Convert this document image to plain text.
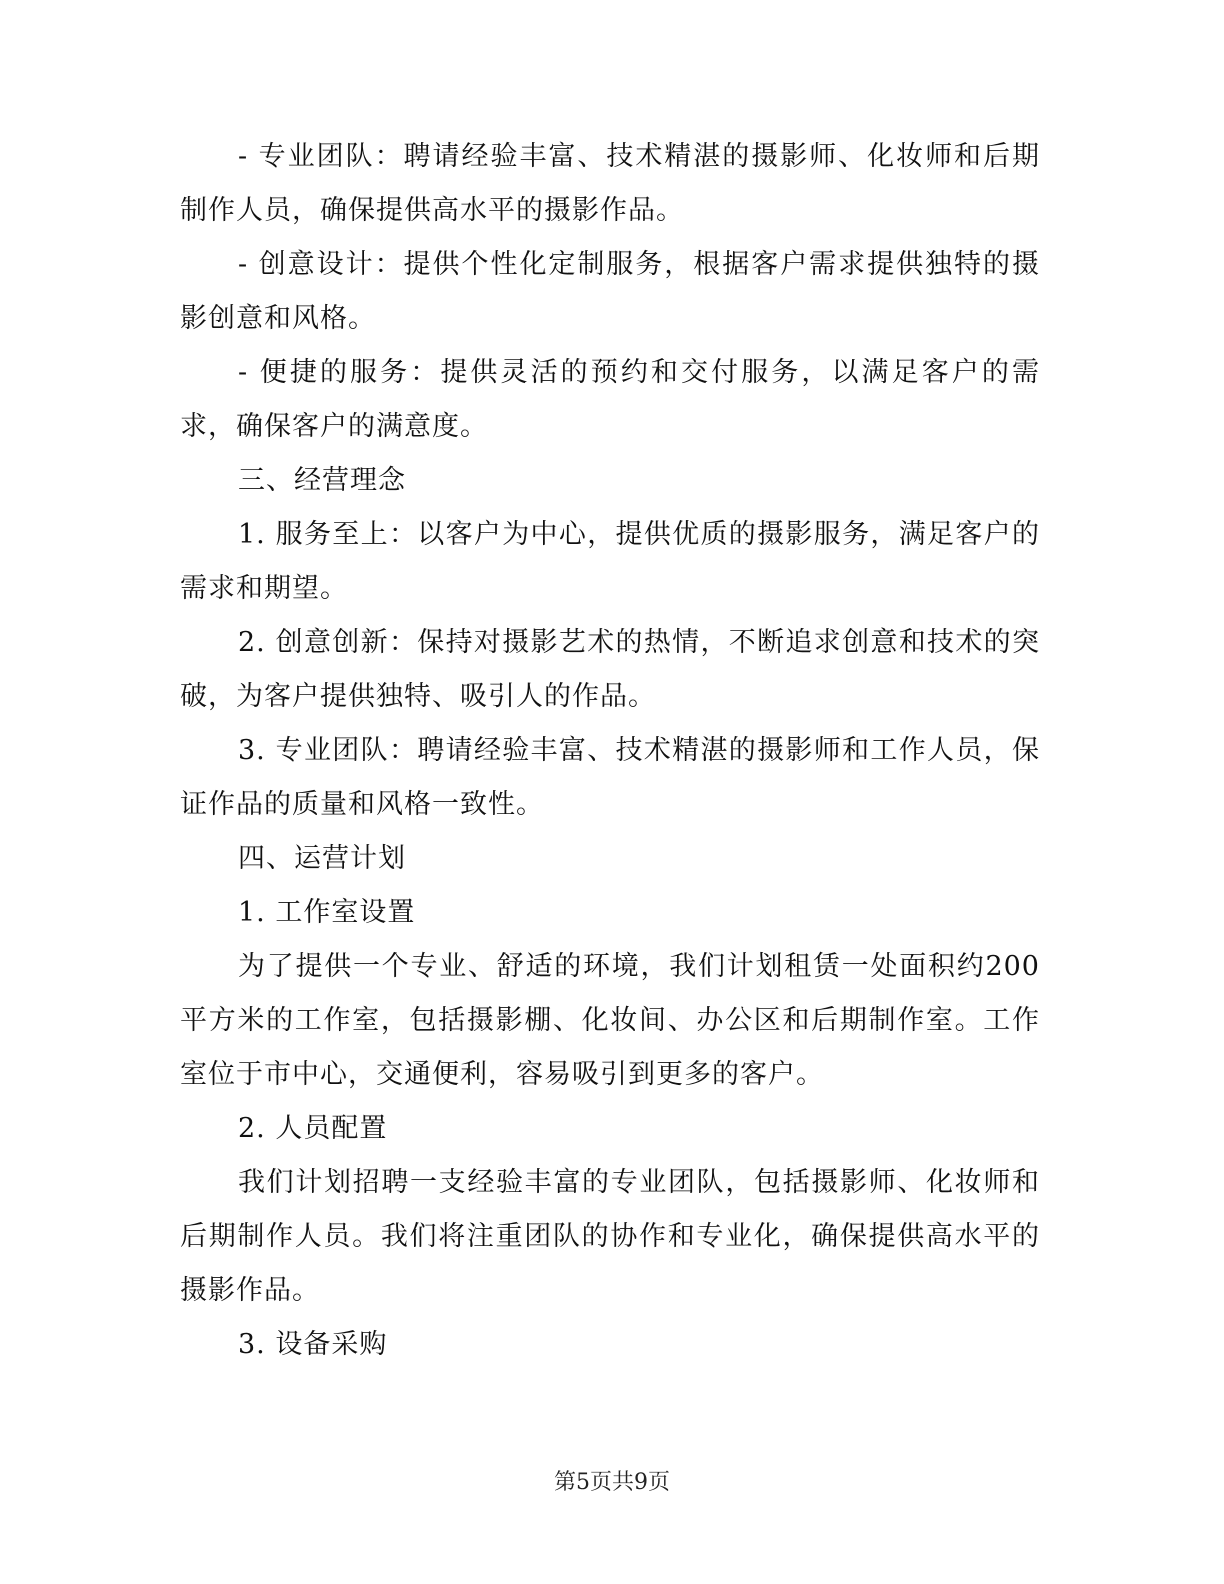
- 专业团队：聘请经验丰富、技术精湛的摄影师、化妆师和后期制作人员，确保提供高水平的摄影作品。

- 创意设计：提供个性化定制服务，根据客户需求提供独特的摄影创意和风格。

- 便捷的服务：提供灵活的预约和交付服务，以满足客户的需求，确保客户的满意度。

三、经营理念

1. 服务至上：以客户为中心，提供优质的摄影服务，满足客户的需求和期望。

2. 创意创新：保持对摄影艺术的热情，不断追求创意和技术的突破，为客户提供独特、吸引人的作品。

3. 专业团队：聘请经验丰富、技术精湛的摄影师和工作人员，保证作品的质量和风格一致性。

四、运营计划

1. 工作室设置

为了提供一个专业、舒适的环境，我们计划租赁一处面积约200平方米的工作室，包括摄影棚、化妆间、办公区和后期制作室。工作室位于市中心，交通便利，容易吸引到更多的客户。

2. 人员配置

我们计划招聘一支经验丰富的专业团队，包括摄影师、化妆师和后期制作人员。我们将注重团队的协作和专业化，确保提供高水平的摄影作品。

3. 设备采购

第5页共9页
